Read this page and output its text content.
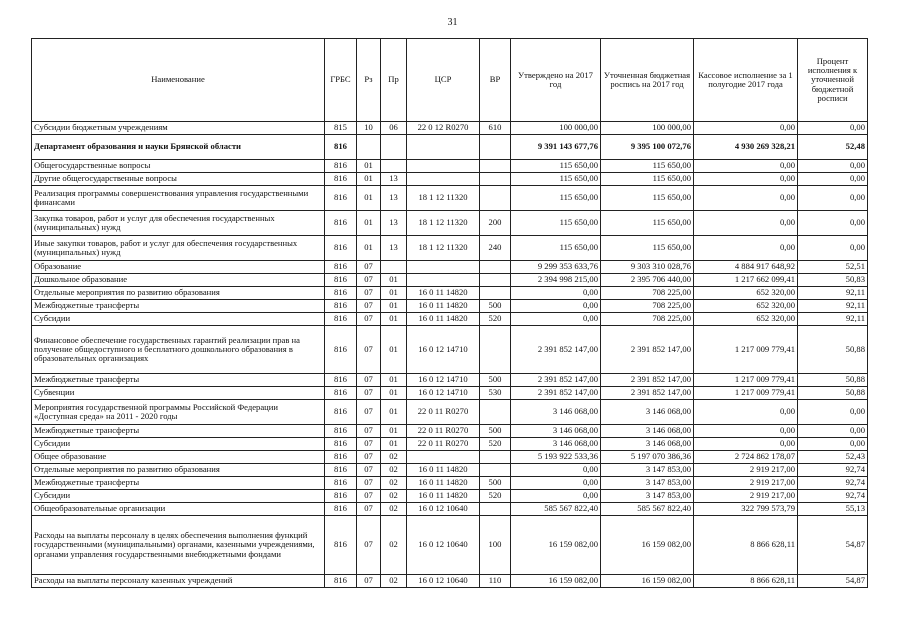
31
Наименование	ГРБС	Рз	Пр	ЦСР	ВР	Утверждено на 2017 год	Уточненная бюджетная роспись на 2017 год	Кассовое исполнение за 1 полугодие 2017 года	Процент исполнения к уточненной бюджетной росписи
Субсидии бюджетным учреждениям	815	10	06	22 0 12 R0270	610	100 000,00	100 000,00	0,00	0,00
Департамент образования и науки Брянской области	816					9 391 143 677,76	9 395 100 072,76	4 930 269 328,21	52,48
Общегосударственные вопросы	816	01				115 650,00	115 650,00	0,00	0,00
Другие общегосударственные вопросы	816	01	13			115 650,00	115 650,00	0,00	0,00
Реализация программы совершенствования управления государственными финансами	816	01	13	18 1 12 11320		115 650,00	115 650,00	0,00	0,00
Закупка товаров, работ и услуг для обеспечения государственных (муниципальных) нужд	816	01	13	18 1 12 11320	200	115 650,00	115 650,00	0,00	0,00
Иные закупки товаров, работ и услуг для обеспечения государственных (муниципальных) нужд	816	01	13	18 1 12 11320	240	115 650,00	115 650,00	0,00	0,00
Образование	816	07				9 299 353 633,76	9 303 310 028,76	4 884 917 648,92	52,51
Дошкольное образование	816	07	01			2 394 998 215,00	2 395 706 440,00	1 217 662 099,41	50,83
Отдельные мероприятия по развитию образования	816	07	01	16 0 11 14820		0,00	708 225,00	652 320,00	92,11
Межбюджетные трансферты	816	07	01	16 0 11 14820	500	0,00	708 225,00	652 320,00	92,11
Субсидии	816	07	01	16 0 11 14820	520	0,00	708 225,00	652 320,00	92,11
Финансовое обеспечение государственных гарантий реализации прав на получение общедоступного и бесплатного дошкольного образования в образовательных организациях	816	07	01	16 0 12 14710		2 391 852 147,00	2 391 852 147,00	1 217 009 779,41	50,88
Межбюджетные трансферты	816	07	01	16 0 12 14710	500	2 391 852 147,00	2 391 852 147,00	1 217 009 779,41	50,88
Субвенции	816	07	01	16 0 12 14710	530	2 391 852 147,00	2 391 852 147,00	1 217 009 779,41	50,88
Мероприятия государственной программы Российской Федерации «Доступная среда» на 2011 - 2020 годы	816	07	01	22 0 11 R0270		3 146 068,00	3 146 068,00	0,00	0,00
Межбюджетные трансферты	816	07	01	22 0 11 R0270	500	3 146 068,00	3 146 068,00	0,00	0,00
Субсидии	816	07	01	22 0 11 R0270	520	3 146 068,00	3 146 068,00	0,00	0,00
Общее образование	816	07	02			5 193 922 533,36	5 197 070 386,36	2 724 862 178,07	52,43
Отдельные мероприятия по развитию образования	816	07	02	16 0 11 14820		0,00	3 147 853,00	2 919 217,00	92,74
Межбюджетные трансферты	816	07	02	16 0 11 14820	500	0,00	3 147 853,00	2 919 217,00	92,74
Субсидии	816	07	02	16 0 11 14820	520	0,00	3 147 853,00	2 919 217,00	92,74
Общеобразовательные организации	816	07	02	16 0 12 10640		585 567 822,40	585 567 822,40	322 799 573,79	55,13
Расходы на выплаты персоналу в целях обеспечения выполнения функций государственными (муниципальными) органами, казенными учреждениями, органами управления государственными внебюджетными фондами	816	07	02	16 0 12 10640	100	16 159 082,00	16 159 082,00	8 866 628,11	54,87
Расходы на выплаты персоналу казенных учреждений	816	07	02	16 0 12 10640	110	16 159 082,00	16 159 082,00	8 866 628,11	54,87
